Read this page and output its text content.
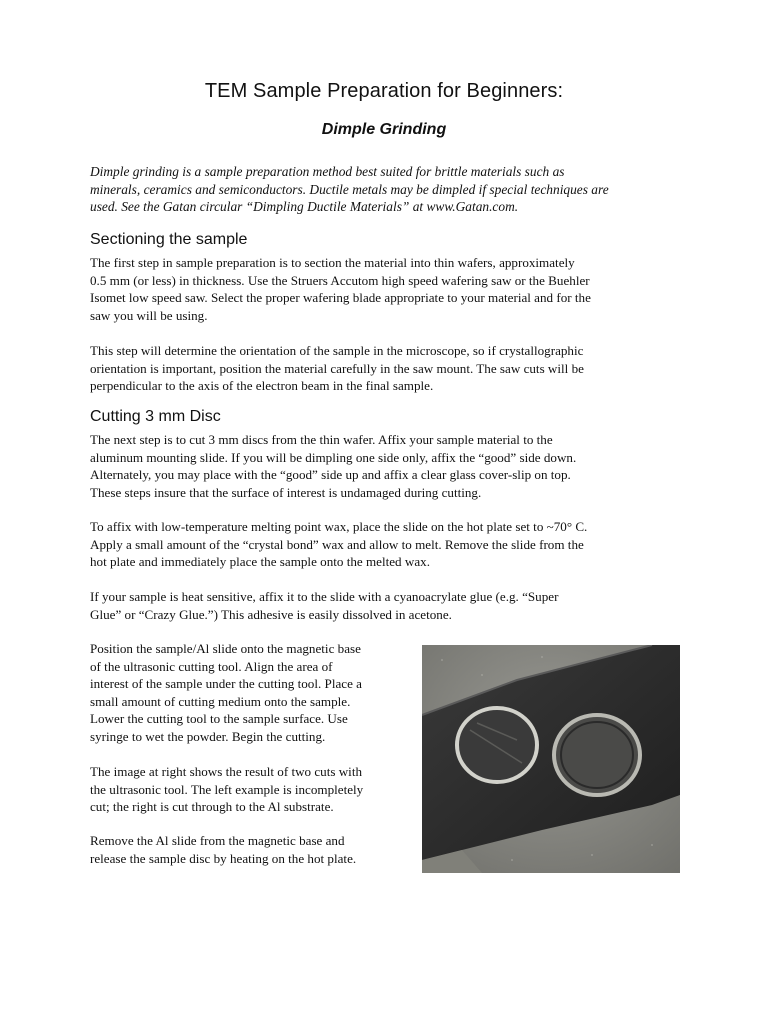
TEM Sample Preparation for Beginners:
Dimple Grinding

Dimple grinding is a sample preparation method best suited for brittle materials such as
minerals, ceramics and semiconductors. Ductile metals may be dimpled if special techniques are
used. See the Gatan circular “Dimpling Ductile Materials” at www.Gatan.com.

Sectioning the sample

The first step in sample preparation is to section the material into thin wafers, approximately
0.5 mm (or less) in thickness. Use the Struers Accutom high speed wafering saw or the Buehler
Isomet low speed saw. Select the proper wafering blade appropriate to your material and for the
saw you will be using.

This step will determine the orientation of the sample in the microscope, so if crystallographic
orientation is important, position the material carefully in the saw mount. The saw cuts will be
perpendicular to the axis of the electron beam in the final sample.

Cutting 3 mm Disc

The next step is to cut 3 mm discs from the thin wafer. Affix your sample material to the
aluminum mounting slide. If you will be dimpling one side only, affix the “good” side down.
Alternately, you may place with the “good” side up and affix a clear glass cover-slip on top.
These steps insure that the surface of interest is undamaged during cutting.

To affix with low-temperature melting point wax, place the slide on the hot plate set to ~70° C.
Apply a small amount of the “crystal bond” wax and allow to melt. Remove the slide from the
hot plate and immediately place the sample onto the melted wax.

If your sample is heat sensitive, affix it to the slide with a cyanoacrylate glue (e.g. “Super
Glue” or “Crazy Glue.”) This adhesive is easily dissolved in acetone.

Position the sample/Al slide onto the magnetic base
of the ultrasonic cutting tool. Align the area of
interest of the sample under the cutting tool. Place a
small amount of cutting medium onto the sample.
Lower the cutting tool to the sample surface. Use
syringe to wet the powder. Begin the cutting.

The image at right shows the result of two cuts with
the ultrasonic tool. The left example is incompletely
cut; the right is cut through to the Al substrate.

Remove the Al slide from the magnetic base and
release the sample disc by heating on the hot plate.
